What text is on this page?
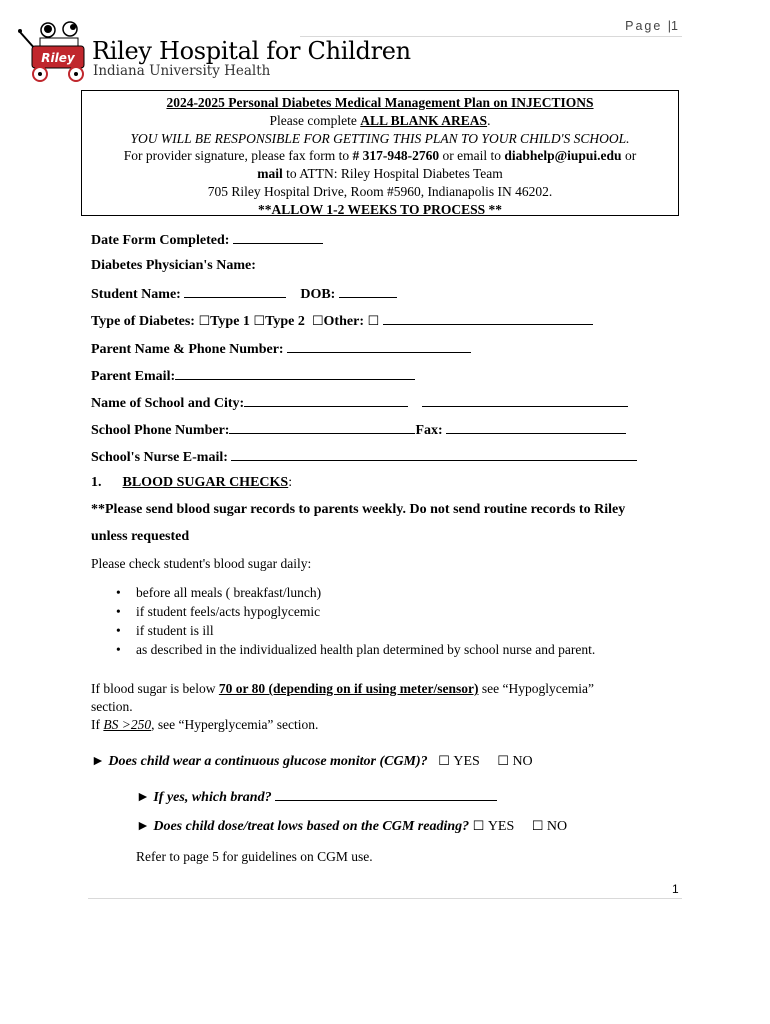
Page |1
Riley Riley Hospital for Children
Indiana University Health
2024-2025 Personal Diabetes Medical Management Plan on INJECTIONS
Please complete ALL BLANK AREAS.
YOU WILL BE RESPONSIBLE FOR GETTING THIS PLAN TO YOUR CHILD'S SCHOOL.
For provider signature, please fax form to # 317-948-2760 or email to diabhelp@iupui.edu or
mail to ATTN: Riley Hospital Diabetes Team
705 Riley Hospital Drive, Room #5960, Indianapolis IN 46202.
**ALLOW 1-2 WEEKS TO PROCESS **
Date Form Completed:
Diabetes Physician's Name:
Student Name:	DOB:
Type of Diabetes: ☐Type 1 ☐Type 2 ☐Other: ☐
Parent Name & Phone Number:
Parent Email:
Name of School and City:
School Phone Number:	Fax:
School's Nurse E-mail:
1. BLOOD SUGAR CHECKS:
**Please send blood sugar records to parents weekly. Do not send routine records to Riley
unless requested
Please check student's blood sugar daily:
• before all meals ( breakfast/lunch)
• if student feels/acts hypoglycemic
• if student is ill
• as described in the individualized health plan determined by school nurse and parent.
If blood sugar is below 70 or 80 (depending on if using meter/sensor) see “Hypoglycemia”
section.
If BS >250, see “Hyperglycemia” section.
► Does child wear a continuous glucose monitor (CGM)? ☐ YES ☐ NO
► If yes, which brand?
► Does child dose/treat lows based on the CGM reading? ☐ YES ☐ NO
Refer to page 5 for guidelines on CGM use.
1
